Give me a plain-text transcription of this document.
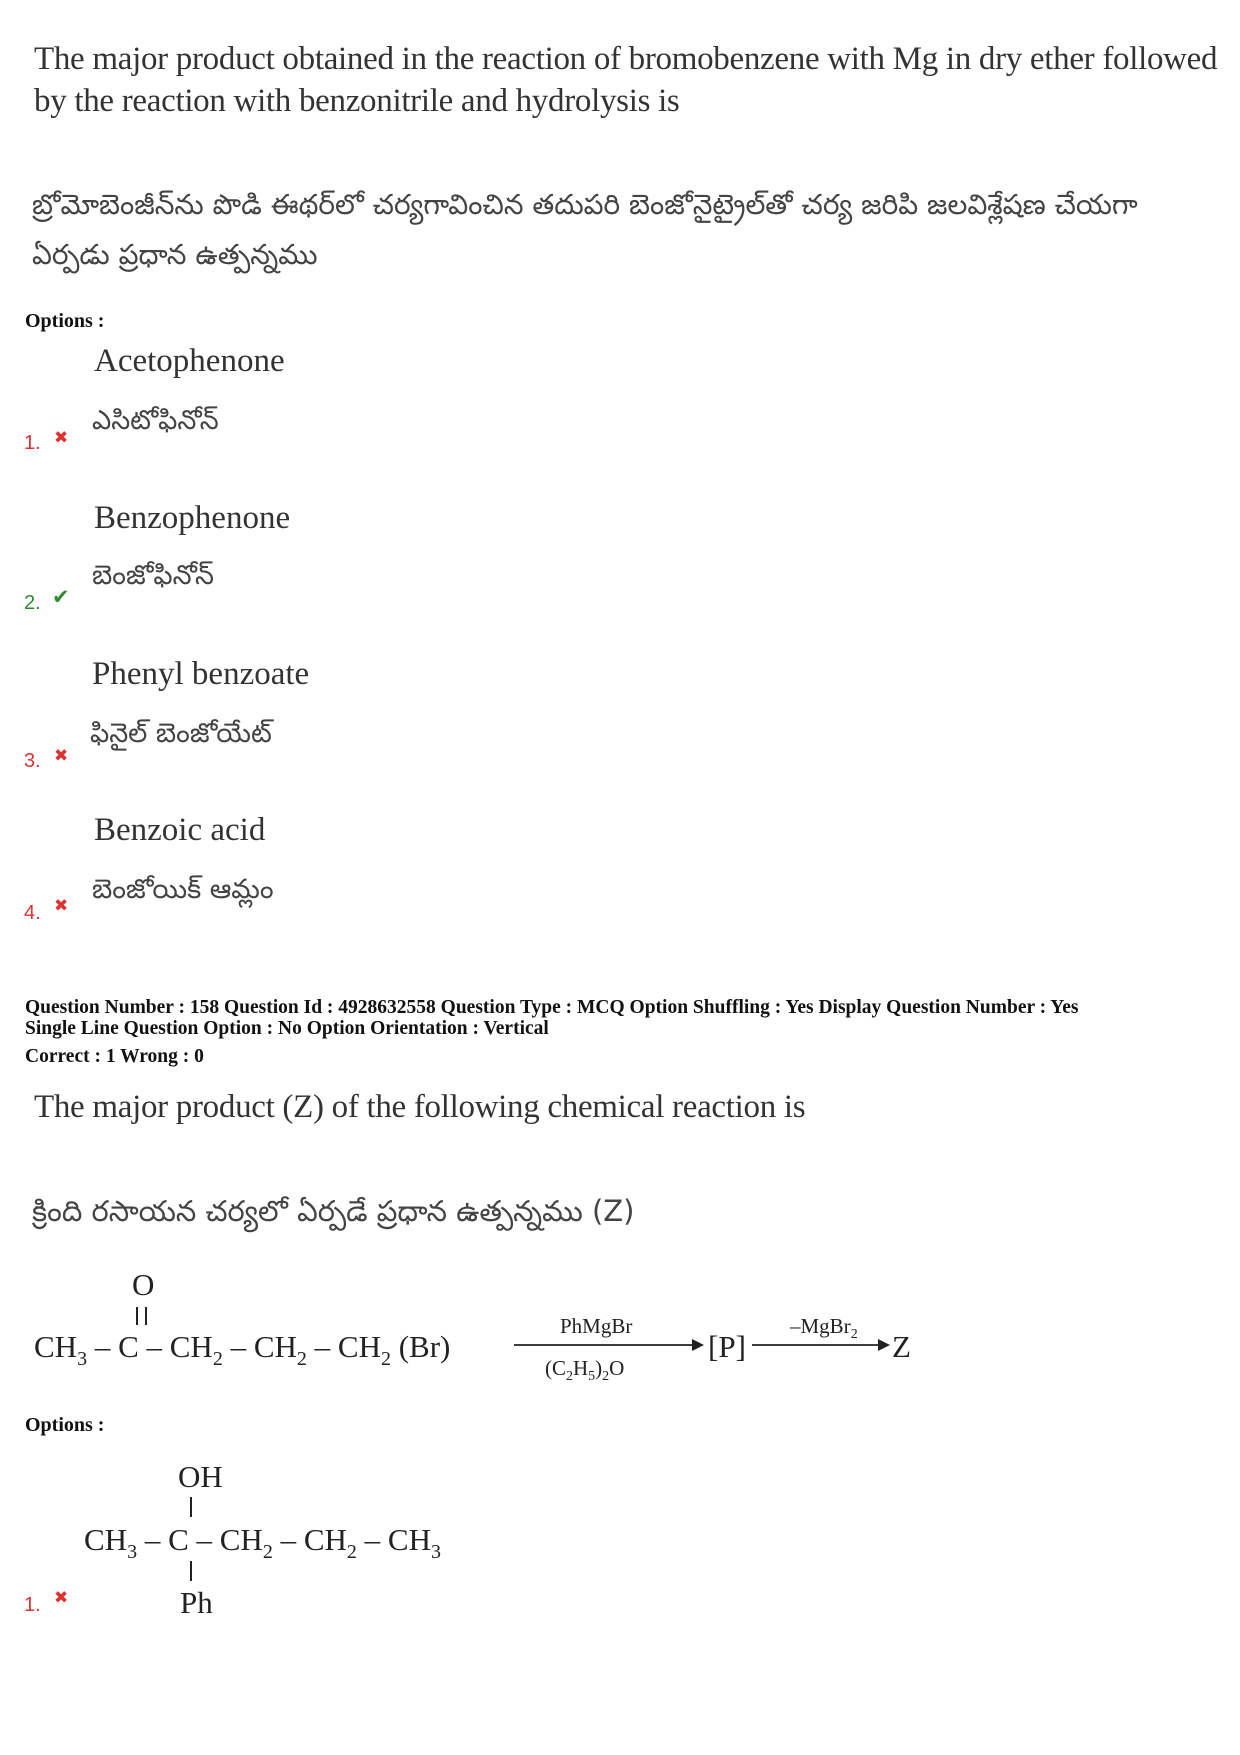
The major product obtained in the reaction of bromobenzene with Mg in dry ether followed
by the reaction with benzonitrile and hydrolysis is
బ్రోమోబెంజీన్‌ను పొడి ఈథర్‌లో చర్యగావించిన తదుపరి బెంజోనైట్రైల్‌తో చర్య జరిపి జలవిశ్లేషణ చేయగా
ఏర్పడు ప్రధాన ఉత్పన్నము
Options :
Acetophenone
ఎసిటోఫినోన్
1. ✖
Benzophenone
బెంజోఫినోన్
2. ✔
Phenyl benzoate
ఫినైల్ బెంజోయేట్
3. ✖
Benzoic acid
బెంజోయిక్ ఆమ్లం
4. ✖
Question Number : 158 Question Id : 4928632558 Question Type : MCQ Option Shuffling : Yes Display Question Number : Yes
Single Line Question Option : No Option Orientation : Vertical
Correct : 1 Wrong : 0
The major product (Z) of the following chemical reaction is
క్రింది రసాయన చర్యలో ఏర్పడే ప్రధాన ఉత్పన్నము (Z)
O
$CH_3$ – C – $CH_2 - CH_2 - CH_2$ (Br)
PhMgBr
$(C_2H_5)_2O$
[P]
–MgBr$_2$ Z
Options :
OH
$CH_3$ – C – $CH_2 - CH_2 - CH_3$
Ph
1. ✖
